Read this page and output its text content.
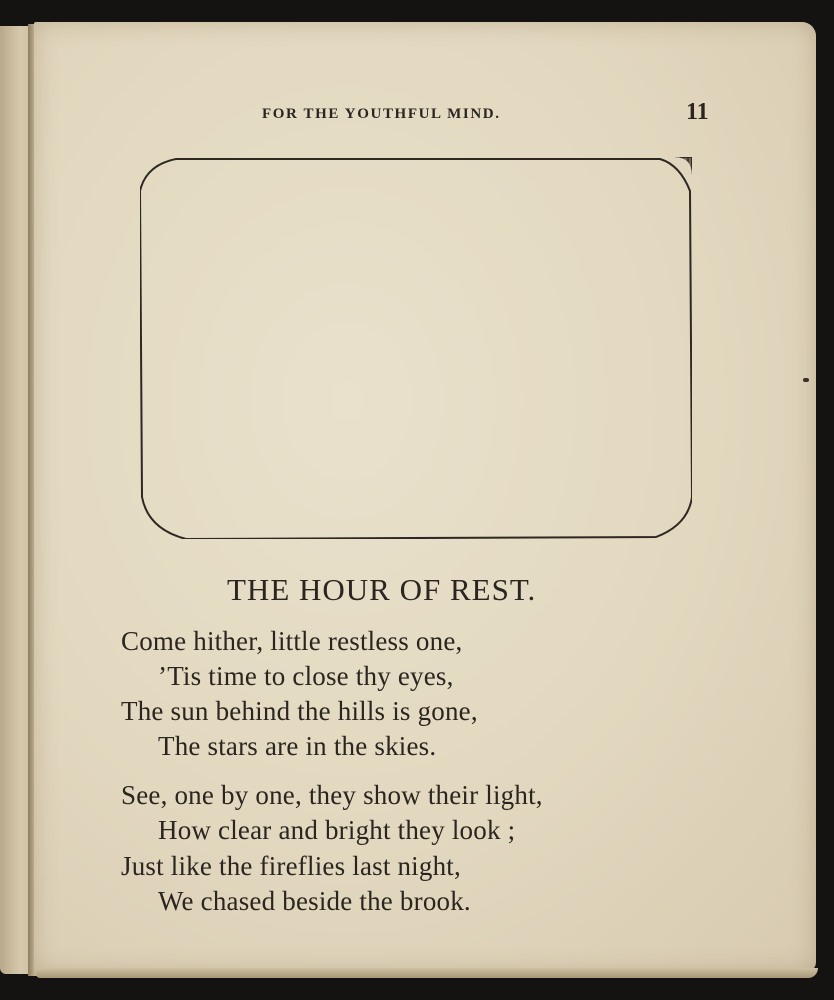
FOR THE YOUTHFUL MIND.	11
THE HOUR OF REST.
Come hither, little restless one,
’Tis time to close thy eyes,
The sun behind the hills is gone,
The stars are in the skies.
See, one by one, they show their light,
How clear and bright they look ;
Just like the fireflies last night,
We chased beside the brook.
